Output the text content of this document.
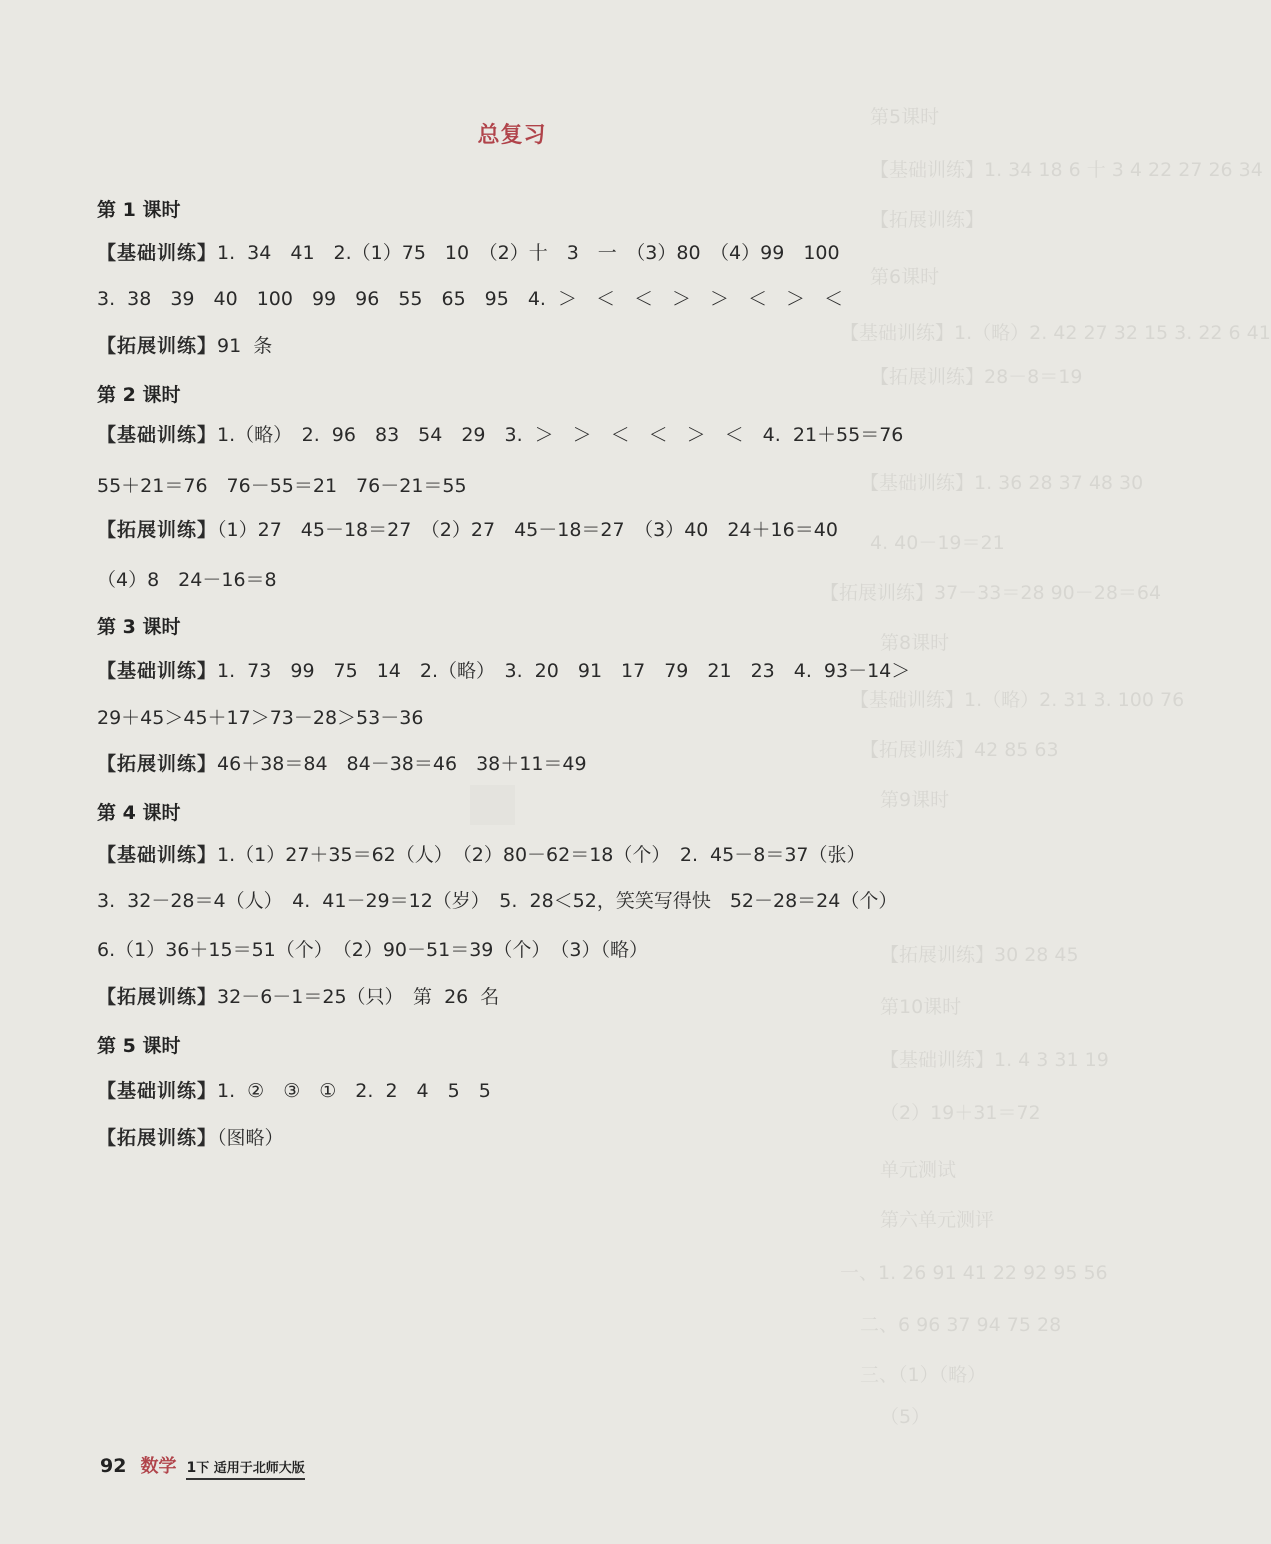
第5课时
【基础训练】1. 34 18 6 十 3 4 22 27 26 34
【拓展训练】
第6课时
【基础训练】1.（略）2. 42 27 32 15 3. 22 6 41
【拓展训练】28－8＝19
【基础训练】1. 36 28 37 48 30
4. 40－19＝21
【拓展训练】37－33＝28 90－28＝64
第8课时
【基础训练】1.（略）2. 31 3. 100 76
【拓展训练】42 85 63
第9课时
【拓展训练】30 28 45
第10课时
【基础训练】1. 4 3 31 19
（2）19＋31＝72
单元测试
第六单元测评
一、1. 26 91 41 22 92 95 56
二、6 96 37 94 75 28
三、（1）（略）
（5）
总复习
第 1 课时
【基础训练】1. 34　41　2.（1）75　10　（2）十　3　一　（3）80　（4）99　100
3. 38　39　40　100　99　96　55　65　95　4. ＞　＜　＜　＞　＞　＜　＞　＜
【拓展训练】91 条
第 2 课时
【基础训练】1.（略）　2. 96　83　54　29　3. ＞　＞　＜　＜　＞　＜　4. 21＋55＝76
55＋21＝76　76－55＝21　76－21＝55
【拓展训练】（1）27　45－18＝27　（2）27　45－18＝27　（3）40　24＋16＝40
（4）8　24－16＝8
第 3 课时
【基础训练】1. 73　99　75　14　2.（略）　3. 20　91　17　79　21　23　4. 93－14＞
29＋45＞45＋17＞73－28＞53－36
【拓展训练】46＋38＝84　84－38＝46　38＋11＝49
第 4 课时
【基础训练】1.（1）27＋35＝62（人）　（2）80－62＝18（个）　2. 45－8＝37（张）
3. 32－28＝4（人）　4. 41－29＝12（岁）　5. 28＜52，笑笑写得快　52－28＝24（个）
6.（1）36＋15＝51（个）　（2）90－51＝39（个）　（3）（略）
【拓展训练】32－6－1＝25（只）　第 26 名
第 5 课时
【基础训练】1. ②　③　①　2. 2　4　5　5
【拓展训练】（图略）
92 数学 1下 适用于北师大版
